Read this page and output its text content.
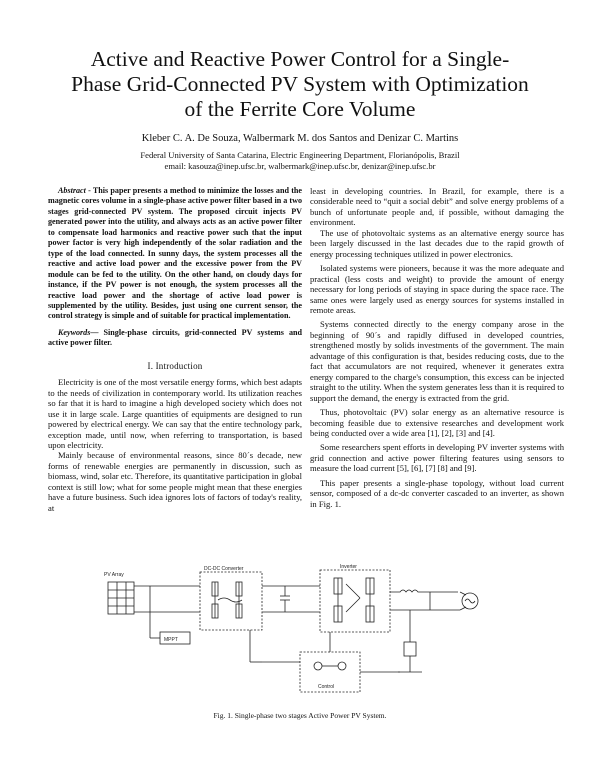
Active and Reactive Power Control for a Single-
Phase Grid-Connected PV System with Optimization
of the Ferrite Core Volume
Kleber C. A. De Souza, Walbermark M. dos Santos and Denizar C. Martins
Federal University of Santa Catarina, Electric Engineering Department, Florianópolis, Brazil
email: kasouza@inep.ufsc.br, walbermark@inep.ufsc.br, denizar@inep.ufsc.br

Abstract - This paper presents a method to minimize the losses and the magnetic cores volume in a single-phase active power filter based in a two stages grid-connected PV system. The proposed circuit injects PV generated power into the utility, and always acts as an active power filter to compensate load harmonics and reactive power such that the input power factor is very high independently of the solar radiation and the type of the load connected. In sunny days, the system processes all the reactive and active load power and the excessive power from the PV module can be fed to the utility. On the other hand, on cloudy days for instance, if the PV power is not enough, the system processes all the reactive load power and the shortage of active load power is supplemented by the utility. Besides, just using one current sensor, the control strategy is simple and of suitable for practical implementation.

Keywords— Single-phase circuits, grid-connected PV systems and active power filter.

I. Introduction

Electricity is one of the most versatile energy forms, which best adapts to the needs of civilization in contemporary world. Its utilization reaches so far that it is hard to imagine a high developed society which does not use it in large scale. Large quantities of equipments are designed to run powered by electrical energy. We can say that the entire technology park, exception made, until now, when referring to transportation, is based upon electricity.

Mainly because of environmental reasons, since 80´s decade, new forms of renewable energies are permanently in discussion, such as biomass, wind, solar etc. Therefore, its quantitative participation in global context is still low; what for some people might mean that these energies have a future business. Such idea ignores lots of factors of today's reality, at

least in developing countries. In Brazil, for example, there is a considerable need to “quit a social debit” and solve energy problems of a bunch of unfortunate people and, if possible, without damaging the environment.

The use of photovoltaic systems as an alternative energy source has been largely discussed in the last decades due to the rapid growth of energy processing techniques utilized in power electronics.

Isolated systems were pioneers, because it was the more adequate and practical (less costs and weight) to provide the amount of energy necessary for long periods of staying in space during the space race. The same ones were largely used as energy sources for systems installed in remote areas.

Systems connected directly to the energy company arose in the beginning of 90´s and rapidly diffused in developed countries, strengthened mostly by solids investments of the government. The main advantage of this configuration is that, besides reducing costs, due to the fact that accumulators are not required, whenever it generates extra energy compared to the charge's consumption, this excess can be injected straight to the utility. When the system generates less than it is required to support the demand, the energy is extracted from the grid.

Thus, photovoltaic (PV) solar energy as an alternative resource is becoming feasible due to extensive researches and development work being conducted over a wide area [1], [2], [3] and [4].

Some researchers spent efforts in developing PV inverter systems with grid connection and active power filtering features using sensors to measure the load current [5], [6], [7] [8] and [9].

This paper presents a single-phase topology, without load current sensor, composed of a dc-dc converter cascaded to an inverter, as shown in Fig. 1.

PV Array
MPPT
DC-DC Converter	Inverter
Control
Fig. 1. Single-phase two stages Active Power PV System.
